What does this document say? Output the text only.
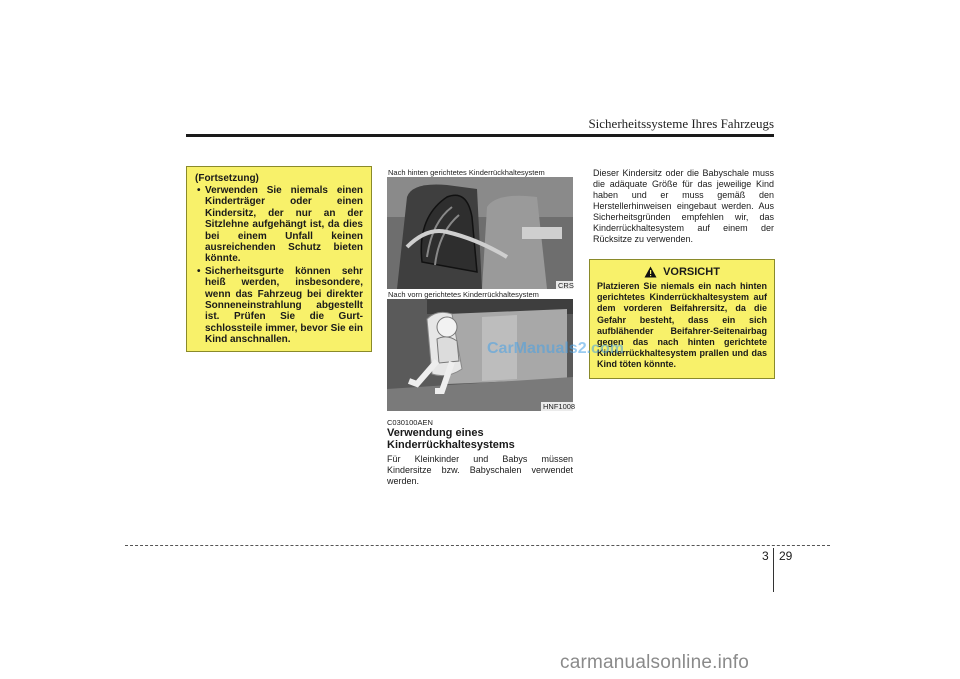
Sicherheitssysteme Ihres Fahrzeugs
(Fortsetzung)
• Verwenden Sie niemals einen Kinderträger oder einen Kindersitz, der nur an der Sitzlehne aufgehängt ist, da dies bei einem Unfall keinen ausreichenden Schutz bieten könnte.
• Sicherheitsgurte können sehr heiß werden, insbesondere, wenn das Fahrzeug bei direkter Sonneneinstrahlung abgestellt ist. Prüfen Sie die Gurt- schlossteile immer, bevor Sie ein Kind anschnallen.
Nach hinten gerichtetes Kinderrückhaltesystem
CRS
Nach vorn gerichtetes Kinderrückhaltesystem
HNF1008
C030100AEN
Verwendung eines Kinderrückhaltesystems
Für Kleinkinder und Babys müssen Kindersitze bzw. Babyschalen verwendet werden.
Dieser Kindersitz oder die Babyschale muss die adäquate Größe für das jeweilige Kind haben und er muss gemäß den Herstellerhinweisen eingebaut werden. Aus Sicherheitsgründen empfehlen wir, das Kinderrückhaltesystem auf einem der Rücksitze zu verwenden.
VORSICHT
Platzieren Sie niemals ein nach hinten gerichtetes Kinderrückhaltesystem auf dem vorderen Beifahrersitz, da die Gefahr besteht, dass ein sich aufblähender Beifahrer-Seitenairbag gegen das nach hinten gerichtete Kinderrückhaltesystem prallen und das Kind töten könnte.
CarManuals2.com
3 29
carmanualsonline.info
